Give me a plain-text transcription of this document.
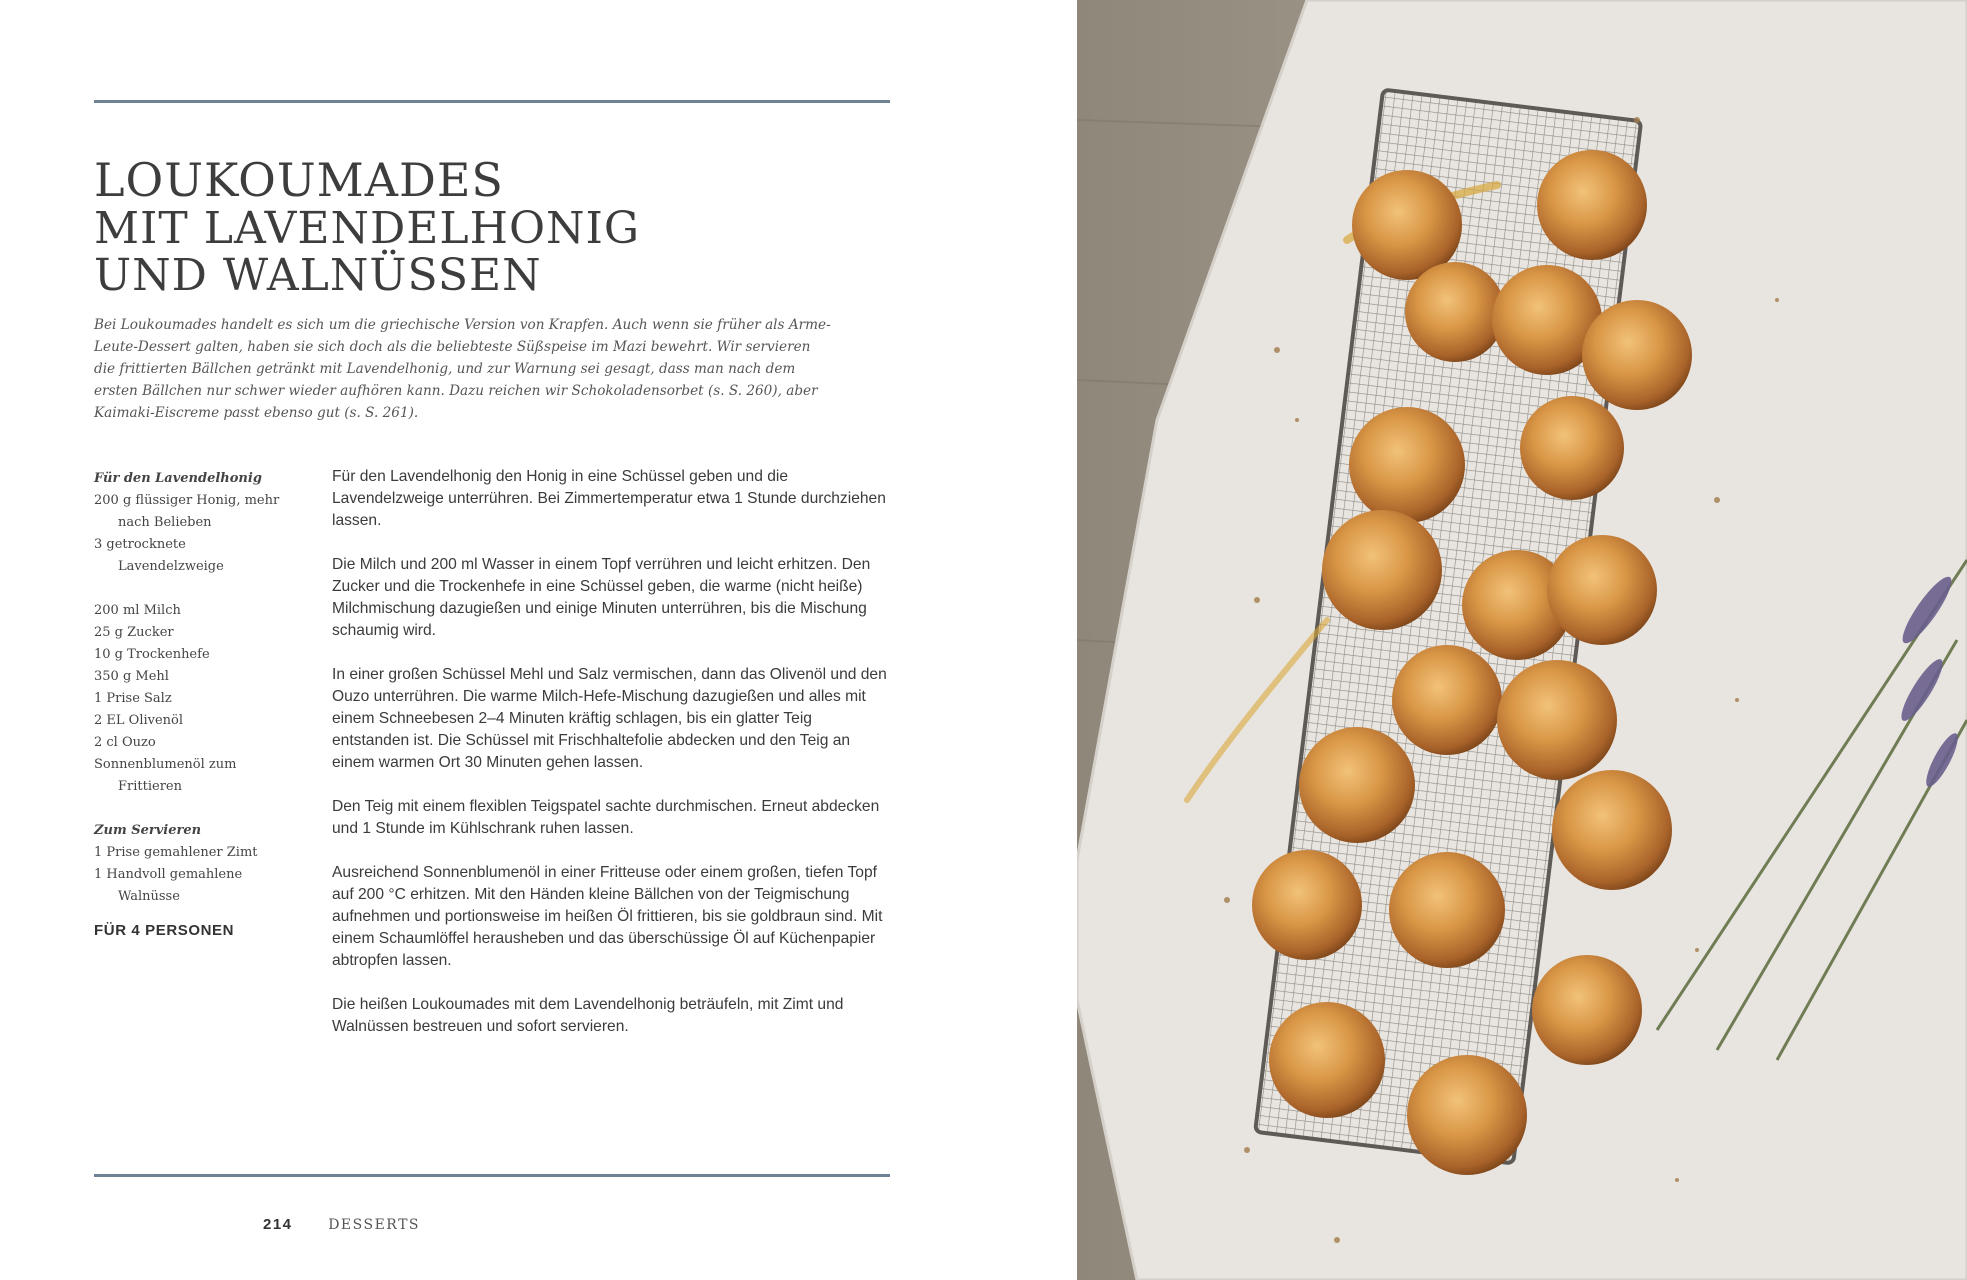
LOUKOUMADES
MIT LAVENDELHONIG
UND WALNÜSSEN
Bei Loukoumades handelt es sich um die griechische Version von Krapfen. Auch wenn sie früher als Arme-Leute-Dessert galten, haben sie sich doch als die beliebteste Süßspeise im Mazi bewehrt. Wir servieren die frittierten Bällchen getränkt mit Lavendelhonig, und zur Warnung sei gesagt, dass man nach dem ersten Bällchen nur schwer wieder aufhören kann. Dazu reichen wir Schokoladensorbet (s. S. 260), aber Kaimaki-Eiscreme passt ebenso gut (s. S. 261).
Für den Lavendelhonig
200 g flüssiger Honig, mehr nach Belieben
3 getrocknete Lavendelzweige
200 ml Milch
25 g Zucker
10 g Trockenhefe
350 g Mehl
1 Prise Salz
2 EL Olivenöl
2 cl Ouzo
Sonnenblumenöl zum Frittieren
Zum Servieren
1 Prise gemahlener Zimt
1 Handvoll gemahlene Walnüsse
FÜR 4 PERSONEN

Für den Lavendelhonig den Honig in eine Schüssel geben und die Lavendelzweige unterrühren. Bei Zimmertemperatur etwa 1 Stunde durchziehen lassen.

Die Milch und 200 ml Wasser in einem Topf verrühren und leicht erhitzen. Den Zucker und die Trockenhefe in eine Schüssel geben, die warme (nicht heiße) Milchmischung dazugießen und einige Minuten unterrühren, bis die Mischung schaumig wird.

In einer großen Schüssel Mehl und Salz vermischen, dann das Olivenöl und den Ouzo unterrühren. Die warme Milch-Hefe-Mischung dazugießen und alles mit einem Schneebesen 2–4 Minuten kräftig schlagen, bis ein glatter Teig entstanden ist. Die Schüssel mit Frischhaltefolie abdecken und den Teig an einem warmen Ort 30 Minuten gehen lassen.

Den Teig mit einem flexiblen Teigspatel sachte durchmischen. Erneut abdecken und 1 Stunde im Kühlschrank ruhen lassen.

Ausreichend Sonnenblumenöl in einer Fritteuse oder einem großen, tiefen Topf auf 200 °C erhitzen. Mit den Händen kleine Bällchen von der Teigmischung aufnehmen und portionsweise im heißen Öl frittieren, bis sie goldbraun sind. Mit einem Schaumlöffel herausheben und das überschüssige Öl auf Küchenpapier abtropfen lassen.

Die heißen Loukoumades mit dem Lavendelhonig beträufeln, mit Zimt und Walnüssen bestreuen und sofort servieren.

214	DESSERTS
